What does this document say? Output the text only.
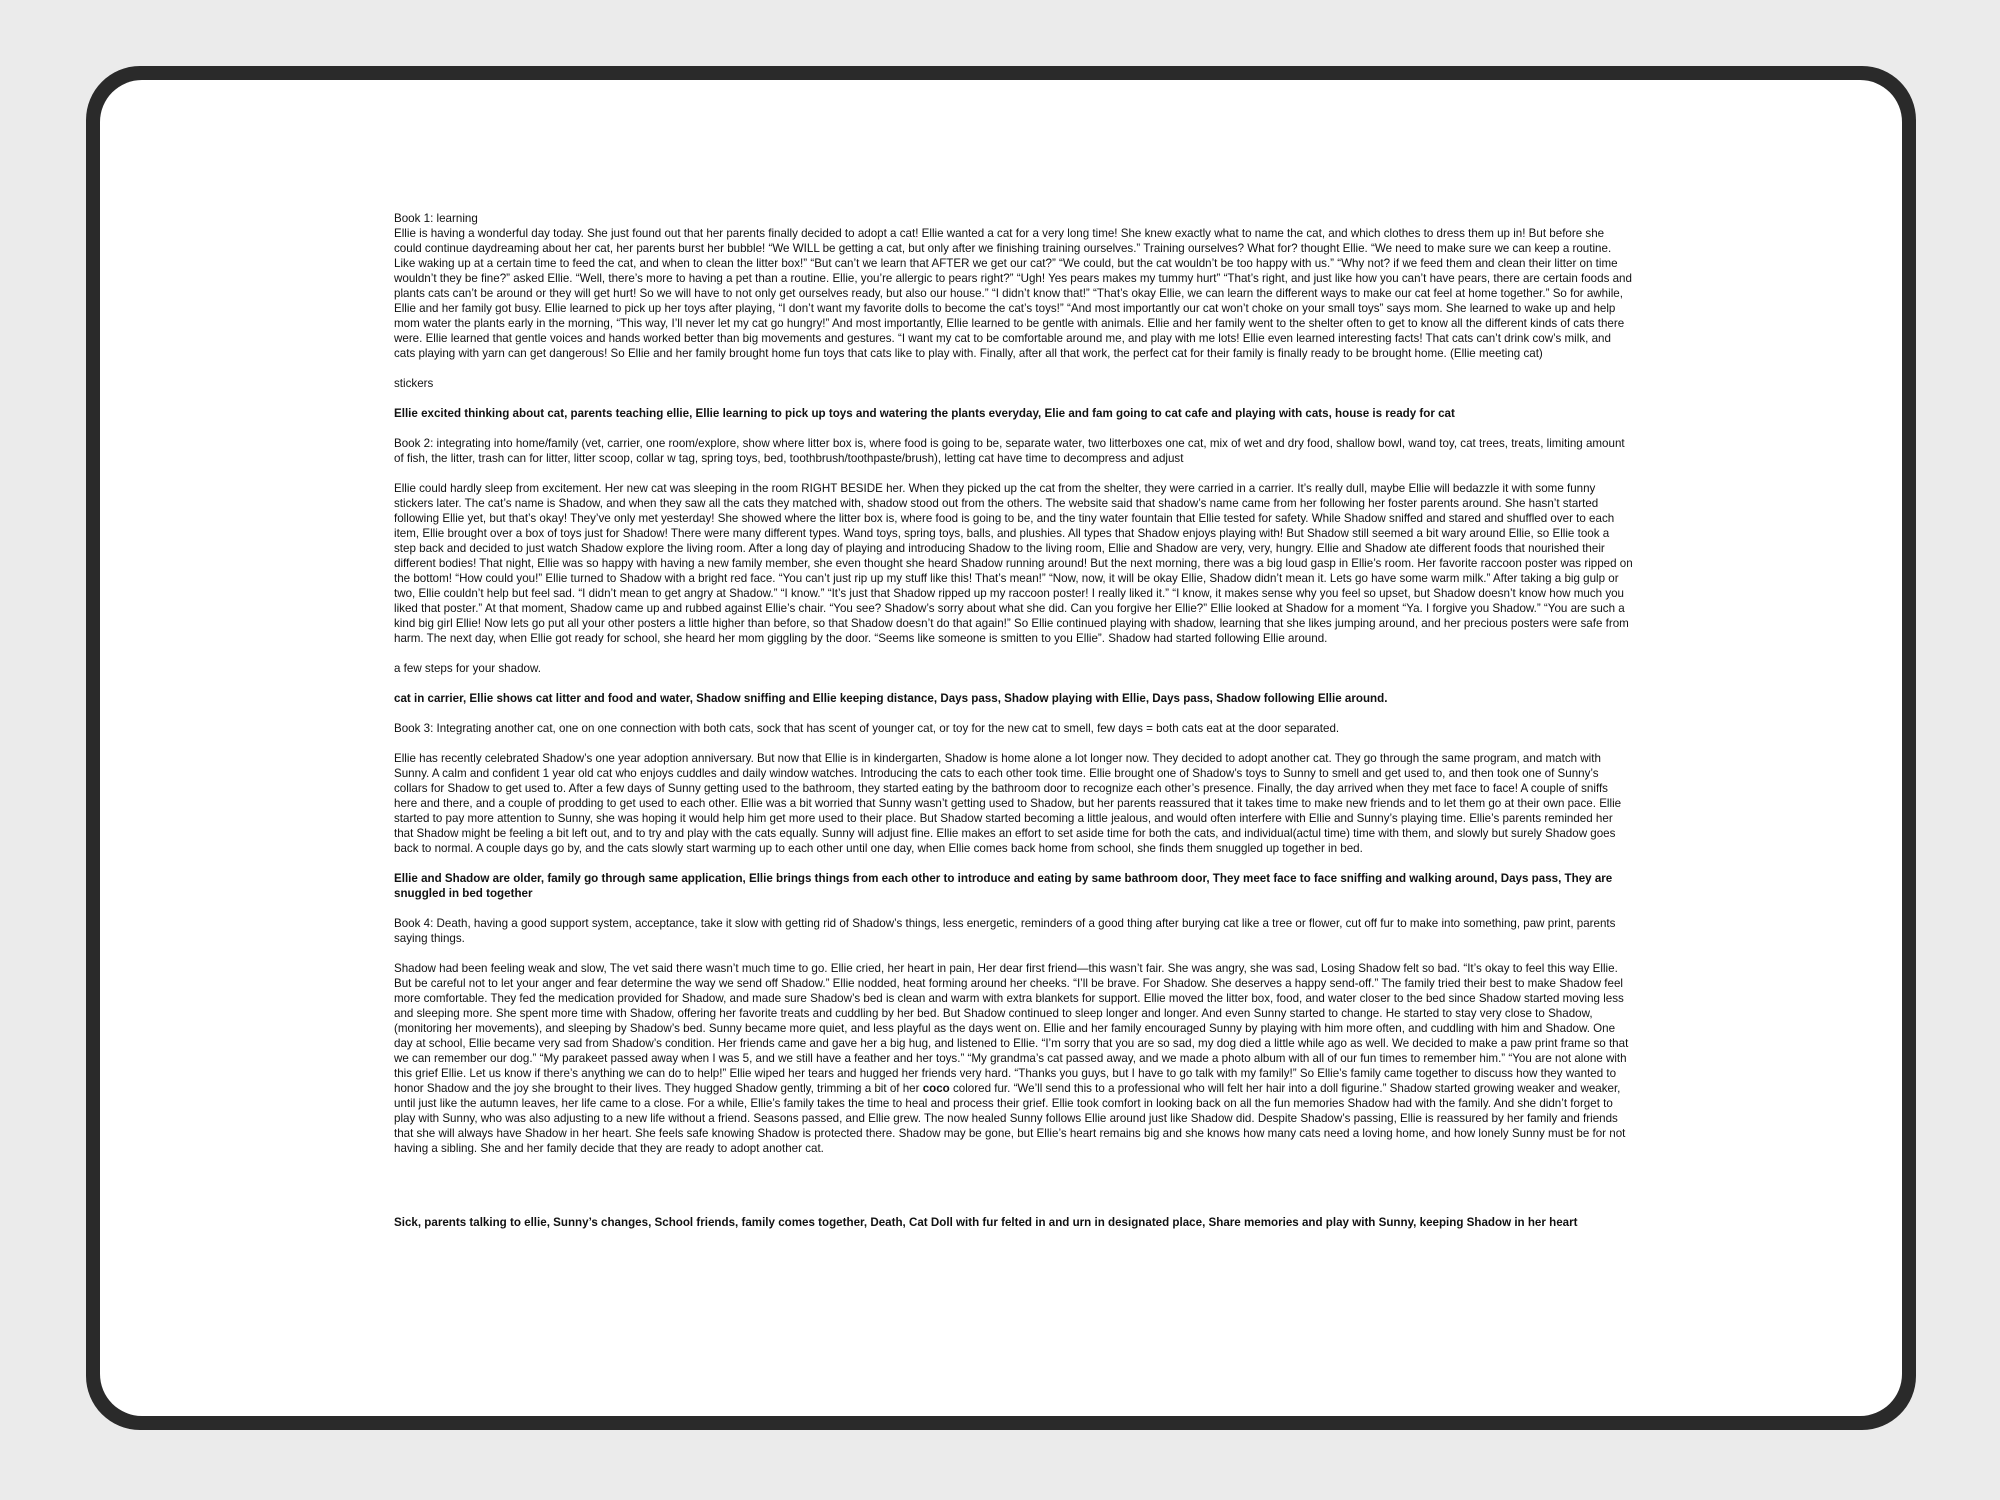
Book 1: learning

Ellie is having a wonderful day today. She just found out that her parents finally decided to adopt a cat! Ellie wanted a cat for a very long time! She knew exactly what to name the cat, and which clothes to dress them up in! But before she could continue daydreaming about her cat, her parents burst her bubble! “We WILL be getting a cat, but only after we finishing training ourselves.” Training ourselves? What for? thought Ellie. “We need to make sure we can keep a routine. Like waking up at a certain time to feed the cat, and when to clean the litter box!” “But can’t we learn that AFTER we get our cat?” “We could, but the cat wouldn’t be too happy with us.” “Why not? if we feed them and clean their litter on time wouldn’t they be fine?” asked Ellie. “Well, there’s more to having a pet than a routine. Ellie, you’re allergic to pears right?” “Ugh! Yes pears makes my tummy hurt” “That’s right, and just like how you can’t have pears, there are certain foods and plants cats can’t be around or they will get hurt! So we will have to not only get ourselves ready, but also our house.” “I didn’t know that!” “That’s okay Ellie, we can learn the different ways to make our cat feel at home together.” So for awhile, Ellie and her family got busy. Ellie learned to pick up her toys after playing, “I don’t want my favorite dolls to become the cat’s toys!” “And most importantly our cat won’t choke on your small toys” says mom. She learned to wake up and help mom water the plants early in the morning, “This way, I’ll never let my cat go hungry!” And most importantly, Ellie learned to be gentle with animals. Ellie and her family went to the shelter often to get to know all the different kinds of cats there were. Ellie learned that gentle voices and hands worked better than big movements and gestures. “I want my cat to be comfortable around me, and play with me lots! Ellie even learned interesting facts! That cats can’t drink cow’s milk, and cats playing with yarn can get dangerous! So Ellie and her family brought home fun toys that cats like to play with. Finally, after all that work, the perfect cat for their family is finally ready to be brought home. (Ellie meeting cat)

stickers

Ellie excited thinking about cat, parents teaching ellie, Ellie learning to pick up toys and watering the plants everyday, Elie and fam going to cat cafe and playing with cats, house is ready for cat

Book 2: integrating into home/family (vet, carrier, one room/explore, show where litter box is, where food is going to be, separate water, two litterboxes one cat, mix of wet and dry food, shallow bowl, wand toy, cat trees, treats, limiting amount of fish, the litter, trash can for litter, litter scoop, collar w tag, spring toys, bed, toothbrush/toothpaste/brush), letting cat have time to decompress and adjust

Ellie could hardly sleep from excitement. Her new cat was sleeping in the room RIGHT BESIDE her. When they picked up the cat from the shelter, they were carried in a carrier. It’s really dull, maybe Ellie will bedazzle it with some funny stickers later. The cat’s name is Shadow, and when they saw all the cats they matched with, shadow stood out from the others. The website said that shadow’s name came from her following her foster parents around. She hasn’t started following Ellie yet, but that’s okay! They’ve only met yesterday! She showed where the litter box is, where food is going to be, and the tiny water fountain that Ellie tested for safety. While Shadow sniffed and stared and shuffled over to each item, Ellie brought over a box of toys just for Shadow! There were many different types. Wand toys, spring toys, balls, and plushies. All types that Shadow enjoys playing with! But Shadow still seemed a bit wary around Ellie, so Ellie took a step back and decided to just watch Shadow explore the living room. After a long day of playing and introducing Shadow to the living room, Ellie and Shadow are very, very, hungry. Ellie and Shadow ate different foods that nourished their different bodies! That night, Ellie was so happy with having a new family member, she even thought she heard Shadow running around! But the next morning, there was a big loud gasp in Ellie’s room. Her favorite raccoon poster was ripped on the bottom! “How could you!” Ellie turned to Shadow with a bright red face. “You can’t just rip up my stuff like this! That’s mean!” “Now, now, it will be okay Ellie, Shadow didn’t mean it. Lets go have some warm milk.” After taking a big gulp or two, Ellie couldn’t help but feel sad. “I didn’t mean to get angry at Shadow.” “I know.” “It’s just that Shadow ripped up my raccoon poster! I really liked it.” “I know, it makes sense why you feel so upset, but Shadow doesn’t know how much you liked that poster.” At that moment, Shadow came up and rubbed against Ellie’s chair. “You see? Shadow’s sorry about what she did. Can you forgive her Ellie?” Ellie looked at Shadow for a moment “Ya. I forgive you Shadow.” “You are such a kind big girl Ellie! Now lets go put all your other posters a little higher than before, so that Shadow doesn’t do that again!” So Ellie continued playing with shadow, learning that she likes jumping around, and her precious posters were safe from harm. The next day, when Ellie got ready for school, she heard her mom giggling by the door. “Seems like someone is smitten to you Ellie”. Shadow had started following Ellie around.

a few steps for your shadow.

cat in carrier, Ellie shows cat litter and food and water, Shadow sniffing and Ellie keeping distance, Days pass, Shadow playing with Ellie, Days pass, Shadow following Ellie around.

Book 3: Integrating another cat, one on one connection with both cats, sock that has scent of younger cat, or toy for the new cat to smell, few days = both cats eat at the door separated.

Ellie has recently celebrated Shadow’s one year adoption anniversary. But now that Ellie is in kindergarten, Shadow is home alone a lot longer now. They decided to adopt another cat. They go through the same program, and match with Sunny. A calm and confident 1 year old cat who enjoys cuddles and daily window watches. Introducing the cats to each other took time. Ellie brought one of Shadow’s toys to Sunny to smell and get used to, and then took one of Sunny’s collars for Shadow to get used to. After a few days of Sunny getting used to the bathroom, they started eating by the bathroom door to recognize each other’s presence. Finally, the day arrived when they met face to face! A couple of sniffs here and there, and a couple of prodding to get used to each other. Ellie was a bit worried that Sunny wasn’t getting used to Shadow, but her parents reassured that it takes time to make new friends and to let them go at their own pace. Ellie started to pay more attention to Sunny, she was hoping it would help him get more used to their place. But Shadow started becoming a little jealous, and would often interfere with Ellie and Sunny’s playing time. Ellie’s parents reminded her that Shadow might be feeling a bit left out, and to try and play with the cats equally. Sunny will adjust fine. Ellie makes an effort to set aside time for both the cats, and individual(actul time) time with them, and slowly but surely Shadow goes back to normal. A couple days go by, and the cats slowly start warming up to each other until one day, when Ellie comes back home from school, she finds them snuggled up together in bed.

Ellie and Shadow are older, family go through same application, Ellie brings things from each other to introduce and eating by same bathroom door, They meet face to face sniffing and walking around, Days pass, They are snuggled in bed together

Book 4: Death, having a good support system, acceptance, take it slow with getting rid of Shadow’s things, less energetic, reminders of a good thing after burying cat like a tree or flower, cut off fur to make into something, paw print, parents saying things.

Shadow had been feeling weak and slow, The vet said there wasn’t much time to go. Ellie cried, her heart in pain, Her dear first friend—this wasn’t fair. She was angry, she was sad, Losing Shadow felt so bad. “It’s okay to feel this way Ellie. But be careful not to let your anger and fear determine the way we send off Shadow.” Ellie nodded, heat forming around her cheeks. “I’ll be brave. For Shadow. She deserves a happy send-off.” The family tried their best to make Shadow feel more comfortable. They fed the medication provided for Shadow, and made sure Shadow’s bed is clean and warm with extra blankets for support. Ellie moved the litter box, food, and water closer to the bed since Shadow started moving less and sleeping more. She spent more time with Shadow, offering her favorite treats and cuddling by her bed. But Shadow continued to sleep longer and longer. And even Sunny started to change. He started to stay very close to Shadow, (monitoring her movements), and sleeping by Shadow’s bed. Sunny became more quiet, and less playful as the days went on. Ellie and her family encouraged Sunny by playing with him more often, and cuddling with him and Shadow. One day at school, Ellie became very sad from Shadow’s condition. Her friends came and gave her a big hug, and listened to Ellie. “I’m sorry that you are so sad, my dog died a little while ago as well. We decided to make a paw print frame so that we can remember our dog.” “My parakeet passed away when I was 5, and we still have a feather and her toys.” “My grandma’s cat passed away, and we made a photo album with all of our fun times to remember him.” “You are not alone with this grief Ellie. Let us know if there’s anything we can do to help!” Ellie wiped her tears and hugged her friends very hard. “Thanks you guys, but I have to go talk with my family!” So Ellie’s family came together to discuss how they wanted to honor Shadow and the joy she brought to their lives. They hugged Shadow gently, trimming a bit of her coco colored fur. “We’ll send this to a professional who will felt her hair into a doll figurine.” Shadow started growing weaker and weaker, until just like the autumn leaves, her life came to a close. For a while, Ellie’s family takes the time to heal and process their grief. Ellie took comfort in looking back on all the fun memories Shadow had with the family. And she didn’t forget to play with Sunny, who was also adjusting to a new life without a friend. Seasons passed, and Ellie grew. The now healed Sunny follows Ellie around just like Shadow did. Despite Shadow’s passing, Ellie is reassured by her family and friends that she will always have Shadow in her heart. She feels safe knowing Shadow is protected there. Shadow may be gone, but Ellie’s heart remains big and she knows how many cats need a loving home, and how lonely Sunny must be for not having a sibling. She and her family decide that they are ready to adopt another cat.

Sick, parents talking to ellie, Sunny’s changes, School friends, family comes together, Death, Cat Doll with fur felted in and urn in designated place, Share memories and play with Sunny, keeping Shadow in her heart
